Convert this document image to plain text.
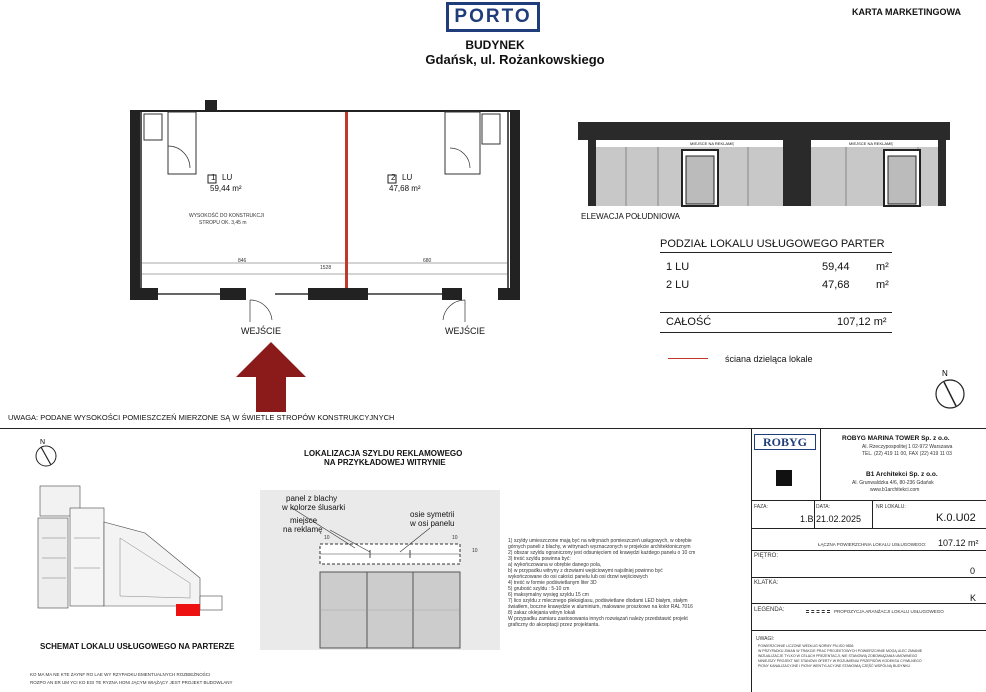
PORTO
BUDYNEK
Gdańsk, ul. Rożankowskiego
KARTA MARKETINGOWA
1 LU
59,44 m²
2 LU
47,68 m²
WYSOKOŚĆ DO KONSTRUKCJI
STROPU OK. 3,45 m
846
1528
680
WEJŚCIE	WEJŚCIE
MIEJSCE NA REKLAMĘ	MIEJSCE NA REKLAMĘ
ELEWACJA POŁUDNIOWA
PODZIAŁ LOKALU USŁUGOWEGO PARTER
1 LU	59,44 m²
2 LU	47,68 m²
CAŁOŚĆ	107,12 m²
ściana dzieląca lokale
N
UWAGA: PODANE WYSOKOŚCI POMIESZCZEŃ MIERZONE SĄ W ŚWIETLE STROPÓW KONSTRUKCYJNYCH
N
SCHEMAT LOKALU USŁUGOWEGO NA PARTERZE
KO MA MA NE KTE ZAYNF RO LAE WY RZYPADKU EMENTUALNYCH ROZBIEŻNOŚCI
ROZPO AN ER UM YCI KO EGI TE RYZNA HONI JĄCYM WIĄŻĄCY JEST PROJEKT BUDOWLANY
LOKALIZACJA SZYLDU REKLAMOWEGO
NA PRZYKŁADOWEJ WITRYNIE
panel z blachy
w kolorze ślusarki
miejsce
na reklamę
osie symetrii
w osi panelu
10	10
10
1) szyldy umieszczone mają być na witrynach pomieszczeń usługowych, w obrębie
górnych paneli z blachy, w witrynach wyznaczonych w projekcie architektonicznym
2) obszar szyldu ograniczony jest odsunięciem od krawędzi każdego panelu o 10 cm
3) treść szyldu powinna być:
a) wykończowana w obrębie danego pola,
b) w przypadku witryny z drzwiami wejściowymi najsilniej powinno być
wykończowane do osi całości panelu lub osi drzwi wejściowych
4) treść w formie podświetlanym liter 3D
5) grubość szyldu : 5-10 cm
6) maksymalny wysięg szyldu 15 cm
7) lico szyldu z mlecznego pleksiglasu, podświetlane diodami LED białym, stałym
światłem, boczne krawędzie w aluminium, malowane proszkowo na kolor RAL 7016
8) zakaz oklejania witryn lokali
W przypadku zamiaru zastosowania innych rozwiązań należy przedstawić projekt
graficzny do akceptacji przez projektanta.
ROBYG	ROBYG MARINA TOWER Sp. z o.o.
Al. Rzeczypospolitej 1 02-972 Warszawa
TEL. (22) 419 11 00, FAX (22) 419 11 03
B1 Architekci Sp. z o.o.
Al. Grunwaldzka 4/6, 80-236 Gdańsk
www.b1architekci.com
FAZA:	DATA:	NR LOKALU:
1.B 21.02.2025	K.0.U02
ŁĄCZNA POWIERZCHNIA LOKALU USŁUGOWEGO: 107.12 m²
PIĘTRO:
0
KLATKA:
K
LEGENDA:	PROPOZYCJA ARANŻACJI LOKALU USŁUGOWEGO
UWAGI:
POWIERZCHNIE LICZONE WEDŁUG NORMY PN-ISO 9836
W PRZYPADKU ZMIAN W TRAKCIE PRAC PROJEKTOWYCH POWIERZCHNIE MOGĄ ULEC ZMIANIE
WIZUALIZACJE TYLKO W CELACH PREZENTACJI, NIE STANOWIĄ ZOBOWIĄZANIA UMOWNEGO
NINIEJSZY PROJEKT NIE STANOWI OFERTY W ROZUMIENIU PRZEPISÓW KODEKSU CYWILNEGO
PIONY KANALIZACYJNE I PIONY WENTYLACYJNE STANOWIĄ CZĘŚĆ WSPÓLNĄ BUDYNKU
